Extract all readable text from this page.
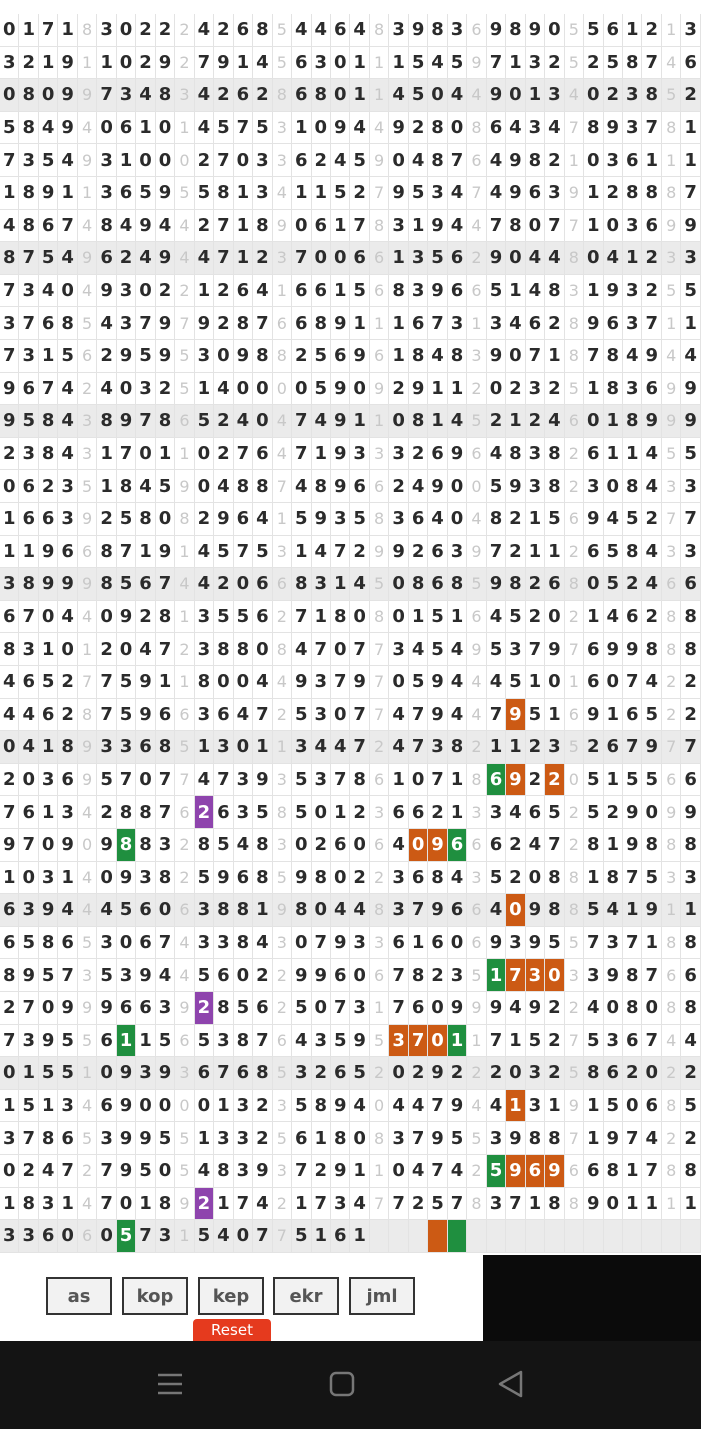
0 1 7 1 8 3 0 2 2 2 4 2 6 8 5 4 4 6 4 8 3 9 8 3 6 9 8 9 0 5 5 6 1 2 1 3
3 2 1 9 1 1 0 2 9 2 7 9 1 4 5 6 3 0 1 1 1 5 4 5 9 7 1 3 2 5 2 5 8 7 4 6
0 8 0 9 9 7 3 4 8 3 4 2 6 2 8 6 8 0 1 1 4 5 0 4 4 9 0 1 3 4 0 2 3 8 5 2
5 8 4 9 4 0 6 1 0 1 4 5 7 5 3 1 0 9 4 4 9 2 8 0 8 6 4 3 4 7 8 9 3 7 8 1
7 3 5 4 9 3 1 0 0 0 2 7 0 3 3 6 2 4 5 9 0 4 8 7 6 4 9 8 2 1 0 3 6 1 1 1
1 8 9 1 1 3 6 5 9 5 5 8 1 3 4 1 1 5 2 7 9 5 3 4 7 4 9 6 3 9 1 2 8 8 8 7
4 8 6 7 4 8 4 9 4 4 2 7 1 8 9 0 6 1 7 8 3 1 9 4 4 7 8 0 7 7 1 0 3 6 9 9
8 7 5 4 9 6 2 4 9 4 4 7 1 2 3 7 0 0 6 6 1 3 5 6 2 9 0 4 4 8 0 4 1 2 3 3
7 3 4 0 4 9 3 0 2 2 1 2 6 4 1 6 6 1 5 6 8 3 9 6 6 5 1 4 8 3 1 9 3 2 5 5
3 7 6 8 5 4 3 7 9 7 9 2 8 7 6 6 8 9 1 1 1 6 7 3 1 3 4 6 2 8 9 6 3 7 1 1
7 3 1 5 6 2 9 5 9 5 3 0 9 8 8 2 5 6 9 6 1 8 4 8 3 9 0 7 1 8 7 8 4 9 4 4
9 6 7 4 2 4 0 3 2 5 1 4 0 0 0 0 5 9 0 9 2 9 1 1 2 0 2 3 2 5 1 8 3 6 9 9
9 5 8 4 3 8 9 7 8 6 5 2 4 0 4 7 4 9 1 1 0 8 1 4 5 2 1 2 4 6 0 1 8 9 9 9
2 3 8 4 3 1 7 0 1 1 0 2 7 6 4 7 1 9 3 3 3 2 6 9 6 4 8 3 8 2 6 1 1 4 5 5
0 6 2 3 5 1 8 4 5 9 0 4 8 8 7 4 8 9 6 6 2 4 9 0 0 5 9 3 8 2 3 0 8 4 3 3
1 6 6 3 9 2 5 8 0 8 2 9 6 4 1 5 9 3 5 8 3 6 4 0 4 8 2 1 5 6 9 4 5 2 7 7
1 1 9 6 6 8 7 1 9 1 4 5 7 5 3 1 4 7 2 9 9 2 6 3 9 7 2 1 1 2 6 5 8 4 3 3
3 8 9 9 9 8 5 6 7 4 4 2 0 6 6 8 3 1 4 5 0 8 6 8 5 9 8 2 6 8 0 5 2 4 6 6
6 7 0 4 4 0 9 2 8 1 3 5 5 6 2 7 1 8 0 8 0 1 5 1 6 4 5 2 0 2 1 4 6 2 8 8
8 3 1 0 1 2 0 4 7 2 3 8 8 0 8 4 7 0 7 7 3 4 5 4 9 5 3 7 9 7 6 9 9 8 8 8
4 6 5 2 7 7 5 9 1 1 8 0 0 4 4 9 3 7 9 7 0 5 9 4 4 4 5 1 0 1 6 0 7 4 2 2
4 4 6 2 8 7 5 9 6 6 3 6 4 7 2 5 3 0 7 7 4 7 9 4 4 7 9 5 1 6 9 1 6 5 2 2
0 4 1 8 9 3 3 6 8 5 1 3 0 1 1 3 4 4 7 2 4 7 3 8 2 1 1 2 3 5 2 6 7 9 7 7
2 0 3 6 9 5 7 0 7 7 4 7 3 9 3 5 3 7 8 6 1 0 7 1 8 6 9 2 2 0 5 1 5 5 6 6
7 6 1 3 4 2 8 8 7 6 2 6 3 5 8 5 0 1 2 3 6 6 2 1 3 3 4 6 5 2 5 2 9 0 9 9
9 7 0 9 0 9 8 8 3 2 8 5 4 8 3 0 2 6 0 6 4 0 9 6 6 6 2 4 7 2 8 1 9 8 8 8
1 0 3 1 4 0 9 3 8 2 5 9 6 8 5 9 8 0 2 2 3 6 8 4 3 5 2 0 8 8 1 8 7 5 3 3
6 3 9 4 4 4 5 6 0 6 3 8 8 1 9 8 0 4 4 8 3 7 9 6 6 4 0 9 8 8 5 4 1 9 1 1
6 5 8 6 5 3 0 6 7 4 3 3 8 4 3 0 7 9 3 3 6 1 6 0 6 9 3 9 5 5 7 3 7 1 8 8
8 9 5 7 3 5 3 9 4 4 5 6 0 2 2 9 9 6 0 6 7 8 2 3 5 1 7 3 0 3 3 9 8 7 6 6
2 7 0 9 9 9 6 6 3 9 2 8 5 6 2 5 0 7 3 1 7 6 0 9 9 9 4 9 2 2 4 0 8 0 8 8
7 3 9 5 5 6 1 1 5 6 5 3 8 7 6 4 3 5 9 5 3 7 0 1 1 7 1 5 2 7 5 3 6 7 4 4
0 1 5 5 1 0 9 3 9 3 6 7 6 8 5 3 2 6 5 2 0 2 9 2 2 2 0 3 2 5 8 6 2 0 2 2
1 5 1 3 4 6 9 0 0 0 0 1 3 2 3 5 8 9 4 0 4 4 7 9 4 4 1 3 1 9 1 5 0 6 8 5
3 7 8 6 5 3 9 9 5 5 1 3 3 2 5 6 1 8 0 8 3 7 9 5 5 3 9 8 8 7 1 9 7 4 2 2
0 2 4 7 2 7 9 5 0 5 4 8 3 9 3 7 2 9 1 1 0 4 7 4 2 5 9 6 9 6 6 8 1 7 8 8
1 8 3 1 4 7 0 1 8 9 2 1 7 4 2 1 7 3 4 7 7 2 5 7 8 3 7 1 8 8 9 0 1 1 1 1
3 3 6 0 6 0 5 7 3 1 5 4 0 7 7 5 1 6 1
as	kop	kep	ekr	jml
Reset
